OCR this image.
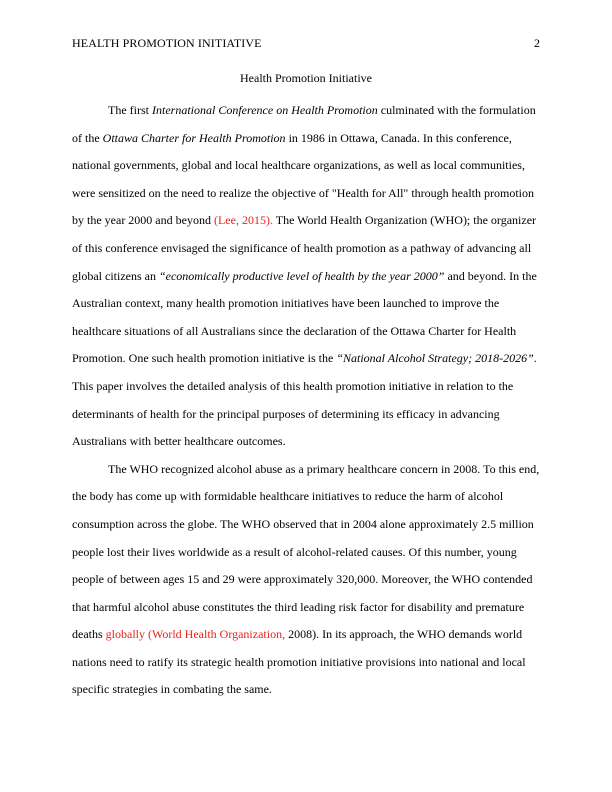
HEALTH PROMOTION INITIATIVE	2
Health Promotion Initiative

The first International Conference on Health Promotion culminated with the formulation of the Ottawa Charter for Health Promotion in 1986 in Ottawa, Canada. In this conference, national governments, global and local healthcare organizations, as well as local communities, were sensitized on the need to realize the objective of "Health for All" through health promotion by the year 2000 and beyond (Lee, 2015). The World Health Organization (WHO); the organizer of this conference envisaged the significance of health promotion as a pathway of advancing all global citizens an “economically productive level of health by the year 2000” and beyond. In the Australian context, many health promotion initiatives have been launched to improve the healthcare situations of all Australians since the declaration of the Ottawa Charter for Health Promotion. One such health promotion initiative is the “National Alcohol Strategy; 2018-2026”. This paper involves the detailed analysis of this health promotion initiative in relation to the determinants of health for the principal purposes of determining its efficacy in advancing Australians with better healthcare outcomes.

The WHO recognized alcohol abuse as a primary healthcare concern in 2008. To this end, the body has come up with formidable healthcare initiatives to reduce the harm of alcohol consumption across the globe. The WHO observed that in 2004 alone approximately 2.5 million people lost their lives worldwide as a result of alcohol-related causes. Of this number, young people of between ages 15 and 29 were approximately 320,000. Moreover, the WHO contended that harmful alcohol abuse constitutes the third leading risk factor for disability and premature deaths globally (World Health Organization, 2008). In its approach, the WHO demands world nations need to ratify its strategic health promotion initiative provisions into national and local specific strategies in combating the same.
